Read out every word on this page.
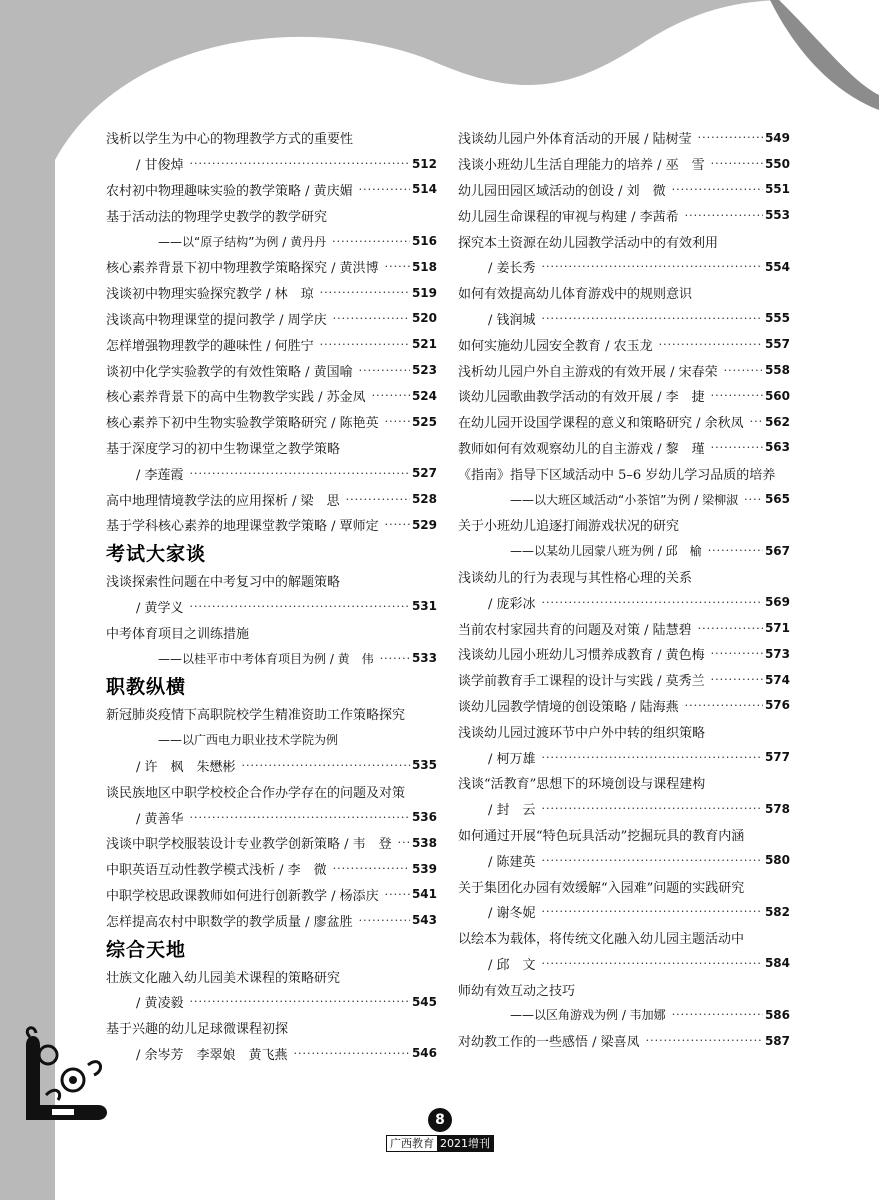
浅析以学生为中心的物理教学方式的重要性
/ 甘俊焯 ·····	512
农村初中物理趣味实验的教学策略 / 黄庆媚 ·····	514
基于活动法的物理学史教学的教学研究
——以“原子结构”为例 / 黄丹丹 ·····	516
核心素养背景下初中物理教学策略探究 / 黄洪博 ·····	518
浅谈初中物理实验探究教学 / 林　琼 ·····	519
浅谈高中物理课堂的提问教学 / 周学庆 ·····	520
怎样增强物理教学的趣味性 / 何胜宁 ·····	521
谈初中化学实验教学的有效性策略 / 黄国喻 ·····	523
核心素养背景下的高中生物教学实践 / 苏金凤 ·····	524
核心素养下初中生物实验教学策略研究 / 陈艳英 ·····	525
基于深度学习的初中生物课堂之教学策略
/ 李莲霞 ·····	527
高中地理情境教学法的应用探析 / 梁　思 ·····	528
基于学科核心素养的地理课堂教学策略 / 覃师定 ·····	529
考试大家谈
浅谈探索性问题在中考复习中的解题策略
/ 黄学义 ·····	531
中考体育项目之训练措施
——以桂平市中考体育项目为例 / 黄　伟 ·····	533
职教纵横
新冠肺炎疫情下高职院校学生精准资助工作策略探究
——以广西电力职业技术学院为例
/ 许　枫　朱懋彬 ·····	535
谈民族地区中职学校校企合作办学存在的问题及对策
/ 黄善华 ·····	536
浅谈中职学校服装设计专业教学创新策略 / 韦　登 ····· 538
中职英语互动性教学模式浅析 / 李　微 ·····	539
中职学校思政课教师如何进行创新教学 / 杨添庆 ·····	541
怎样提高农村中职数学的教学质量 / 廖盆胜 ·····	543
综合天地
壮族文化融入幼儿园美术课程的策略研究
/ 黄凌毅 ·····	545
基于兴趣的幼儿足球微课程初探
/ 余岑芳　李翠娘　黄飞燕 ·····	546
浅谈幼儿园户外体育活动的开展 / 陆树莹 ·····	549
浅谈小班幼儿生活自理能力的培养 / 巫　雪 ·····	550
幼儿园田园区域活动的创设 / 刘　微 ·····	551
幼儿园生命课程的审视与构建 / 李茜希 ·····	553
探究本土资源在幼儿园教学活动中的有效利用
/ 姜长秀 ·····	554
如何有效提高幼儿体育游戏中的规则意识
/ 钱润城 ·····	555
如何实施幼儿园安全教育 / 农玉龙 ·····	557
浅析幼儿园户外自主游戏的有效开展 / 宋春荣 ·····	558
谈幼儿园歌曲教学活动的有效开展 / 李　捷 ·····	560
在幼儿园开设国学课程的意义和策略研究 / 余秋凤 ····· 562
教师如何有效观察幼儿的自主游戏 / 黎　瑾 ·····	563
《指南》指导下区域活动中 5–6 岁幼儿学习品质的培养
——以大班区域活动“小茶馆”为例 / 梁柳淑 ····· 565
关于小班幼儿追逐打闹游戏状况的研究
——以某幼儿园蒙八班为例 / 邱　榆 ·····	567
浅谈幼儿的行为表现与其性格心理的关系
/ 庞彩冰 ·····	569
当前农村家园共育的问题及对策 / 陆慧碧 ·····	571
浅谈幼儿园小班幼儿习惯养成教育 / 黄色梅 ·····	573
谈学前教育手工课程的设计与实践 / 莫秀兰 ·····	574
谈幼儿园教学情境的创设策略 / 陆海燕 ·····	576
浅谈幼儿园过渡环节中户外中转的组织策略
/ 柯万雄 ·····	577
浅谈“活教育”思想下的环境创设与课程建构
/ 封　云 ·····	578
如何通过开展“特色玩具活动”挖掘玩具的教育内涵
/ 陈建英 ·····	580
关于集团化办园有效缓解“入园难”问题的实践研究
/ 谢冬妮 ·····	582
以绘本为载体，将传统文化融入幼儿园主题活动中
/ 邱　文 ·····	584
师幼有效互动之技巧
——以区角游戏为例 / 韦加娜 ·····	586
对幼教工作的一些感悟 / 梁喜凤 ·····	587
8
广西教育 2021增刊
